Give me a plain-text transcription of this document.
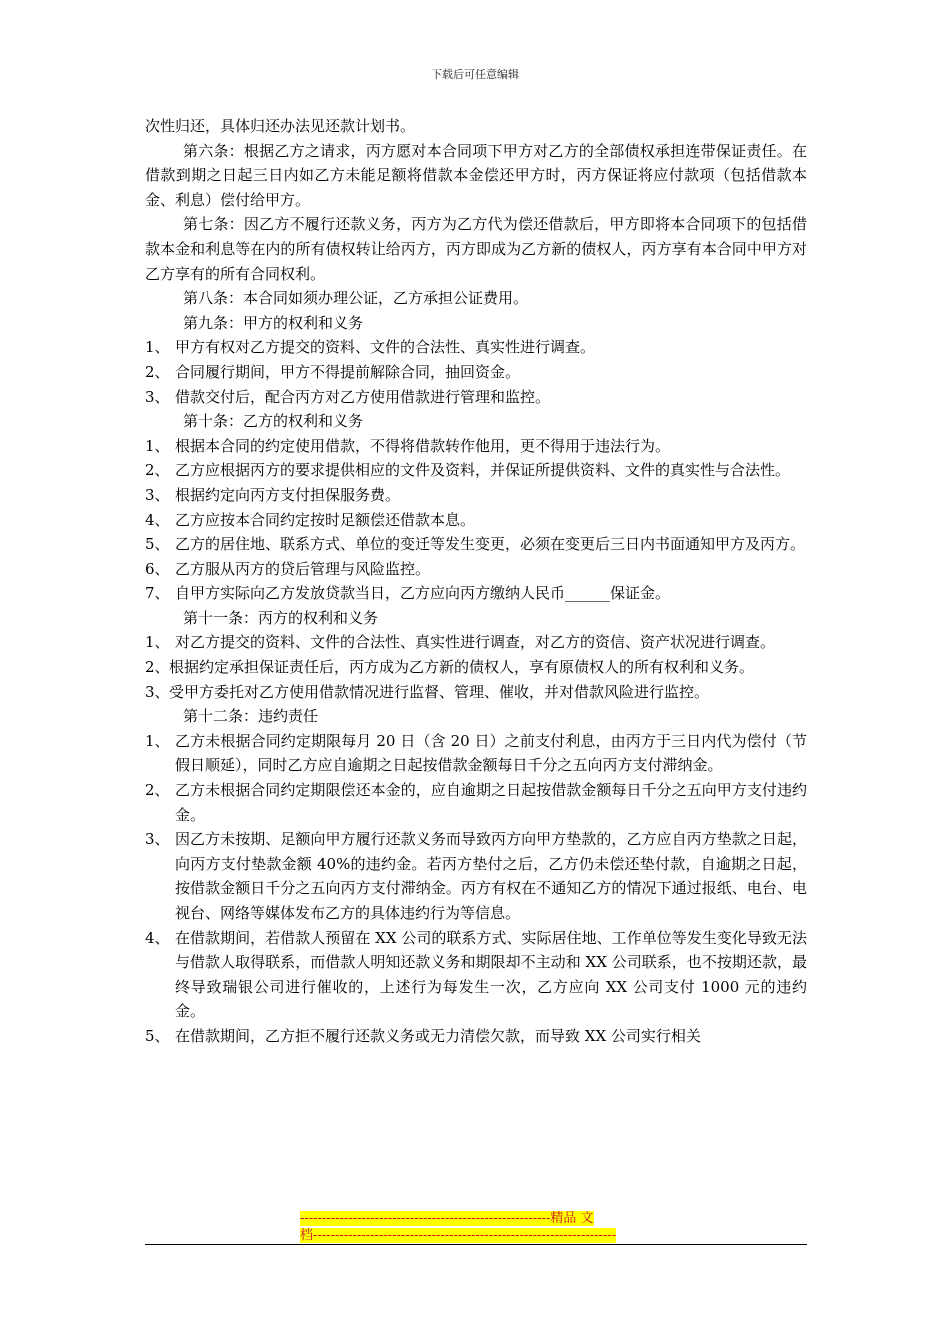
下载后可任意编辑

次性归还，具体归还办法见还款计划书。

第六条：根据乙方之请求，丙方愿对本合同项下甲方对乙方的全部债权承担连带保证责任。在借款到期之日起三日内如乙方未能足额将借款本金偿还甲方时，丙方保证将应付款项（包括借款本金、利息）偿付给甲方。

第七条：因乙方不履行还款义务，丙方为乙方代为偿还借款后，甲方即将本合同项下的包括借款本金和利息等在内的所有债权转让给丙方，丙方即成为乙方新的债权人，丙方享有本合同中甲方对乙方享有的所有合同权利。

第八条：本合同如须办理公证，乙方承担公证费用。

第九条：甲方的权利和义务

1、 甲方有权对乙方提交的资料、文件的合法性、真实性进行调查。
2、 合同履行期间，甲方不得提前解除合同，抽回资金。
3、 借款交付后，配合丙方对乙方使用借款进行管理和监控。

第十条：乙方的权利和义务

1、 根据本合同的约定使用借款，不得将借款转作他用，更不得用于违法行为。
2、 乙方应根据丙方的要求提供相应的文件及资料，并保证所提供资料、文件的真实性与合法性。
3、 根据约定向丙方支付担保服务费。
4、 乙方应按本合同约定按时足额偿还借款本息。
5、 乙方的居住地、联系方式、单位的变迁等发生变更，必须在变更后三日内书面通知甲方及丙方。
6、 乙方服从丙方的贷后管理与风险监控。
7、 自甲方实际向乙方发放贷款当日，乙方应向丙方缴纳人民币______保证金。

第十一条：丙方的权利和义务

1、 对乙方提交的资料、文件的合法性、真实性进行调查，对乙方的资信、资产状况进行调查。
2、 根据约定承担保证责任后，丙方成为乙方新的债权人，享有原债权人的所有权利和义务。
3、 受甲方委托对乙方使用借款情况进行监督、管理、催收，并对借款风险进行监控。

第十二条：违约责任

1、 乙方未根据合同约定期限每月 20 日（含 20 日）之前支付利息，由丙方于三日内代为偿付（节假日顺延），同时乙方应自逾期之日起按借款金额每日千分之五向丙方支付滞纳金。
2、 乙方未根据合同约定期限偿还本金的，应自逾期之日起按借款金额每日千分之五向甲方支付违约金。
3、 因乙方未按期、足额向甲方履行还款义务而导致丙方向甲方垫款的，乙方应自丙方垫款之日起，向丙方支付垫款金额 40%的违约金。若丙方垫付之后，乙方仍未偿还垫付款，自逾期之日起，按借款金额日千分之五向丙方支付滞纳金。丙方有权在不通知乙方的情况下通过报纸、电台、电视台、网络等媒体发布乙方的具体违约行为等信息。
4、 在借款期间，若借款人预留在 XX 公司的联系方式、实际居住地、工作单位等发生变化导致无法与借款人取得联系，而借款人明知还款义务和期限却不主动和 XX 公司联系，也不按期还款，最终导致瑞银公司进行催收的，上述行为每发生一次，乙方应向 XX 公司支付 1000 元的违约金。
5、 在借款期间，乙方拒不履行还款义务或无力清偿欠款，而导致 XX 公司实行相关
---------------------------------------------------------精品 文
档---------------------------------------------------------------------
